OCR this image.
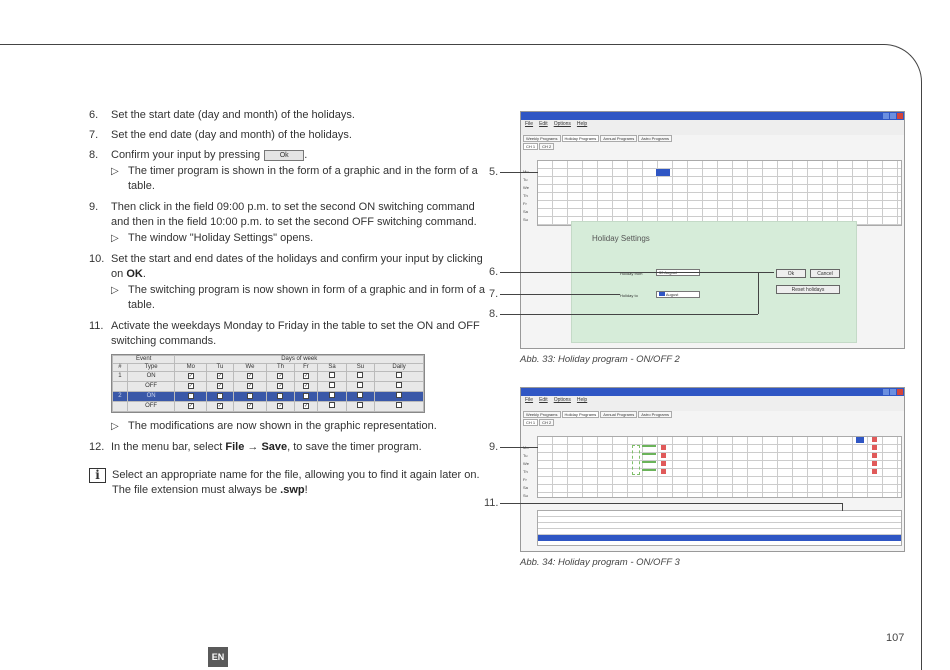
6.	Set the start date (day and month) of the holidays.
7.	Set the end date (day and month) of the holidays.
8.	Confirm your input by pressing	Ok .
▷ The timer program is shown in the form of a graphic and in the form of a table.
9.	Then click in the field 09:00 p.m. to set the second ON switching command and then in the field 10:00 p.m. to set the second OFF switching command.
▷ The window "Holiday Settings" opens.
10. Set the start and end dates of the holidays and confirm your input by clicking on OK.
▷ The switching program is now shown in form of a graphic and in form of a table.
11. Activate the weekdays Monday to Friday in the table to set the ON and OFF switching commands.
Event		Days of week							
#	Type	Mo	Tu	We	Th	Fr	Sa	Su	Daily
1	ON	✓	✓	✓	✓	✓			
	OFF	✓	✓	✓	✓	✓			
2	ON	✓	✓	✓	✓	✓			
	OFF	✓	✓	✓	✓	✓			
▷ The modifications are now shown in the graphic representation.
12. In the menu bar, select File → Save, to save the timer program.
i	Select an appropriate name for the file, allowing you to find it again later on. The file extension must always be .swp!
File Edit Options Help
Weekly Programs	Holiday Programs	Annual Programs	Astro Programs
CH 1	CH 2
Mo
Tu
We
Th
Fr
Sa
Su
Holiday Settings
Holiday from	30 August
Holiday to	August
Ok	Cancel
Reset holidays
Abb. 33: Holiday program - ON/OFF 2
File Edit Options Help
Weekly Programs	Holiday Programs	Annual Programs	Astro Programs
CH 1	CH 2
Mo
Tu
We
Th
Fr
Sa
Su
Abb. 34: Holiday program - ON/OFF 3
5.
6.
7.
8.
9.
11.
107
EN
